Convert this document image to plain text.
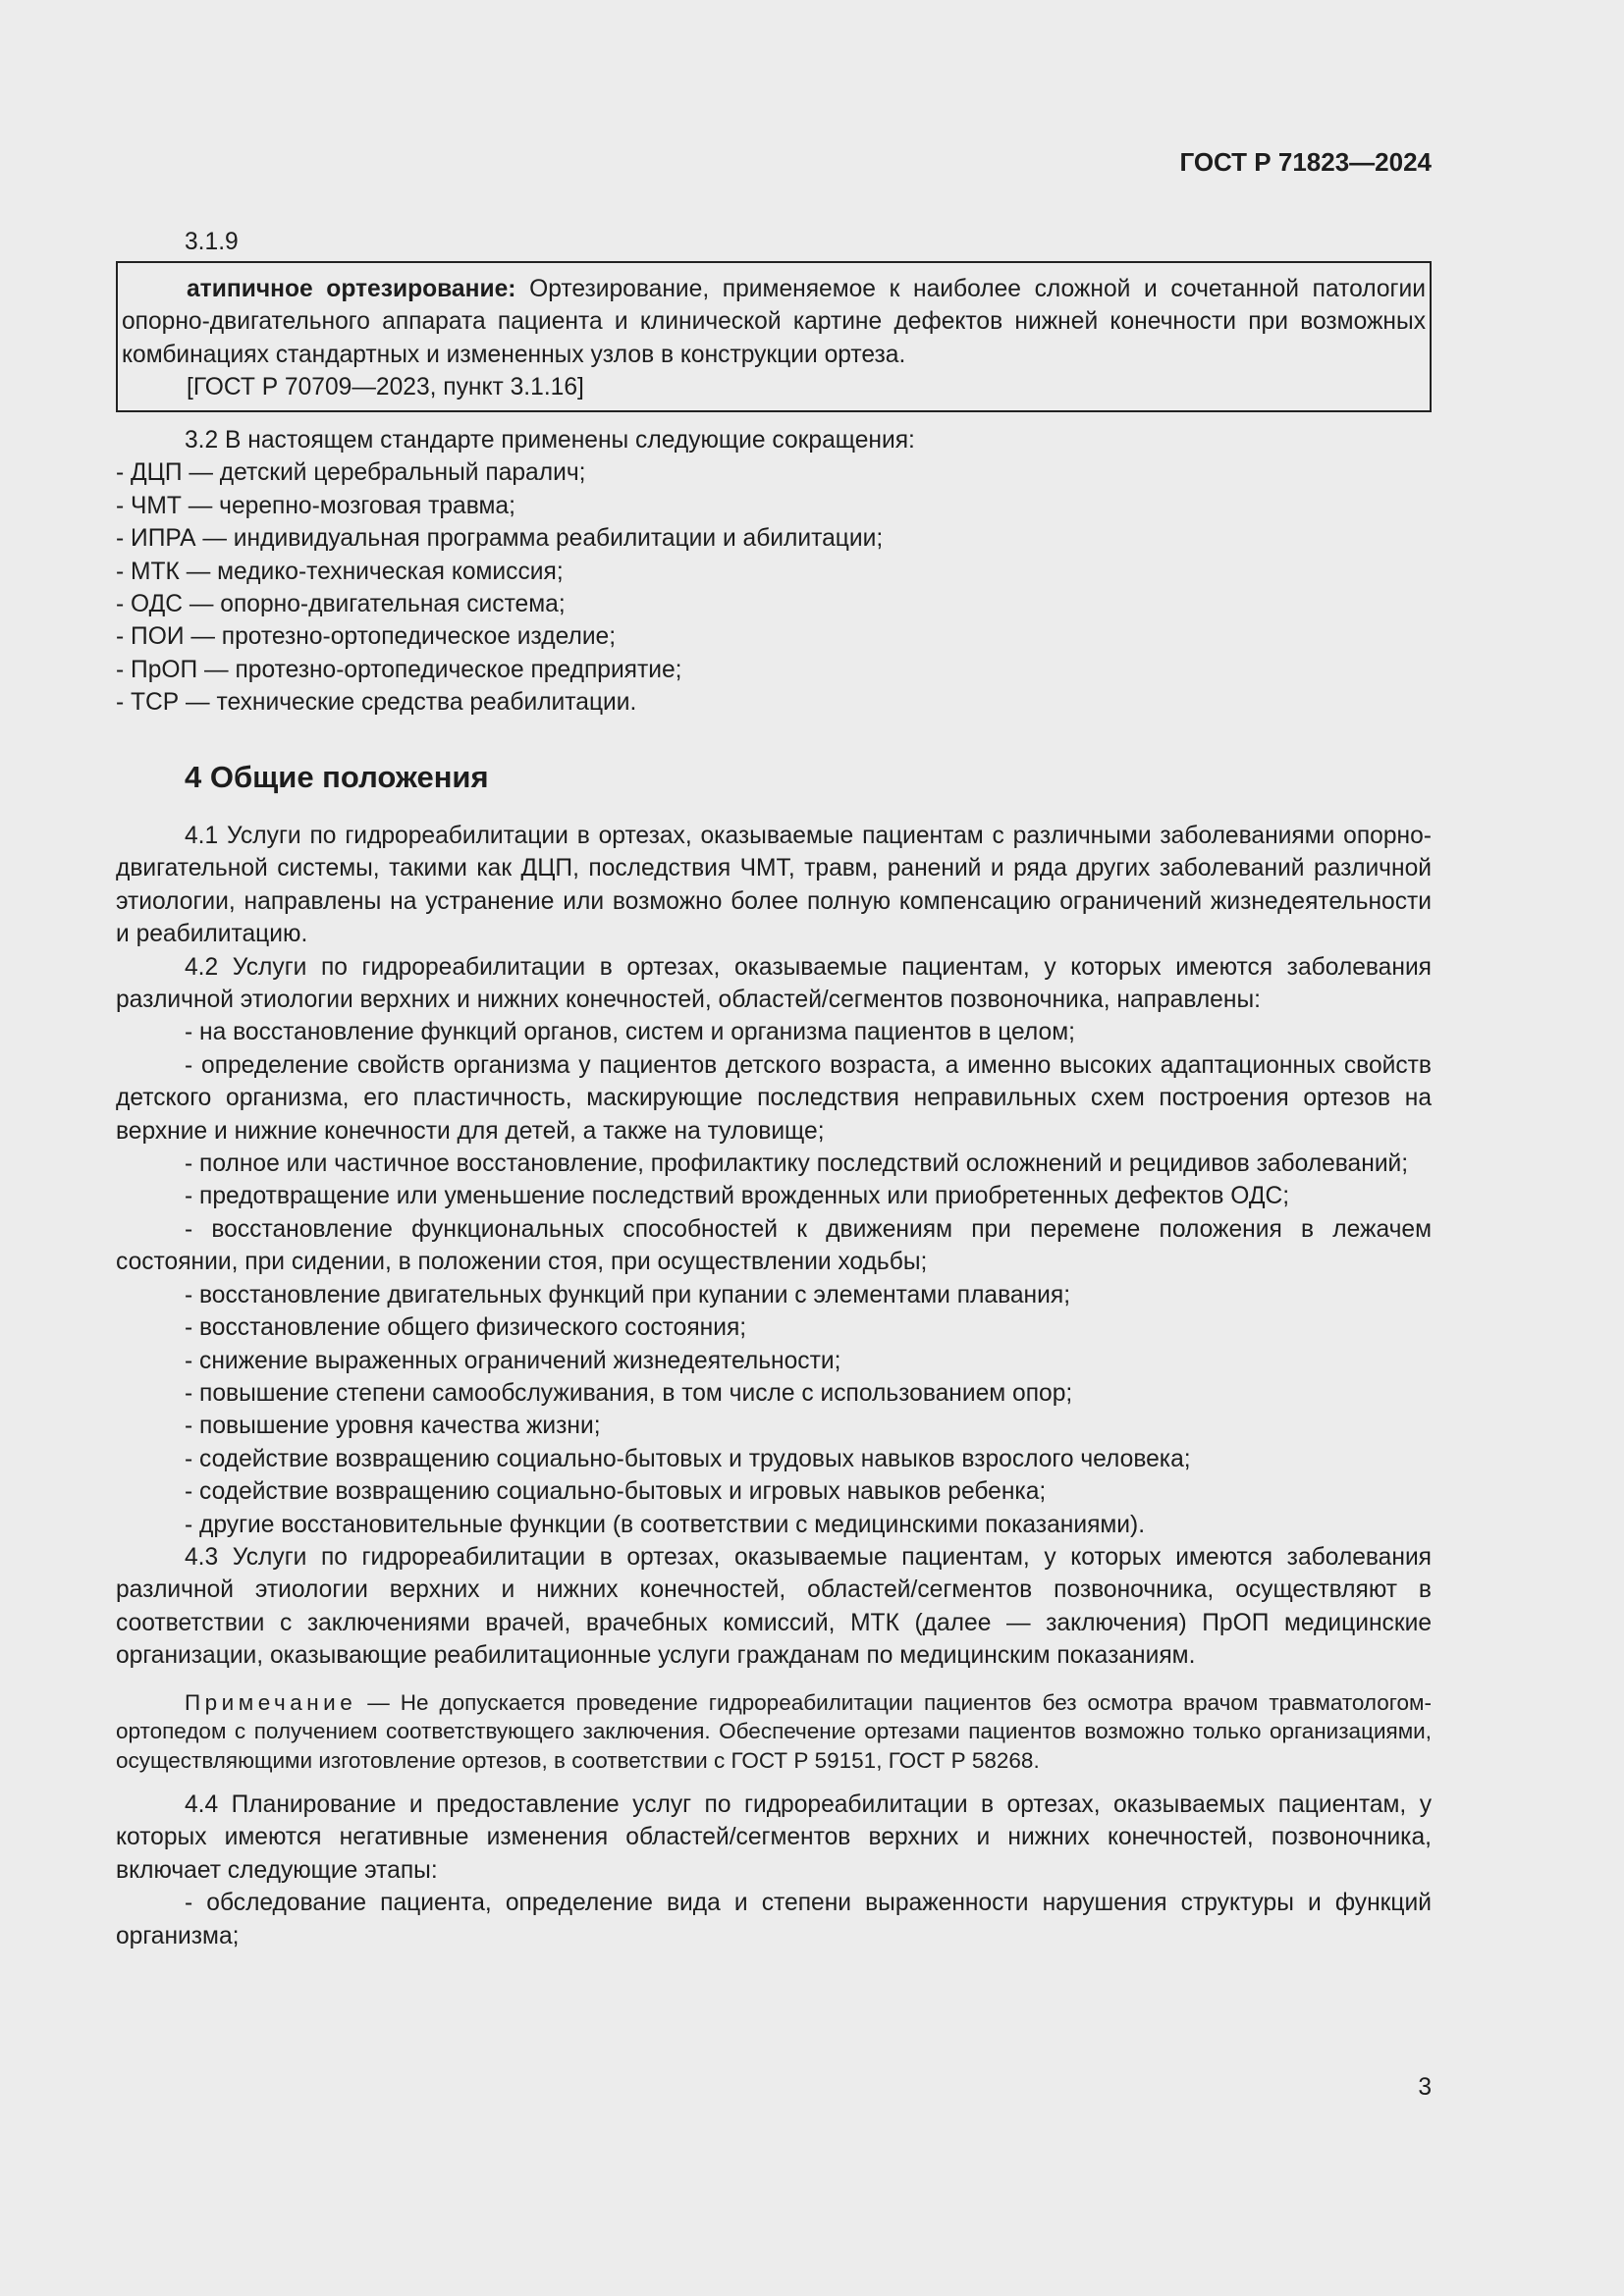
ГОСТ Р 71823—2024
3.1.9

атипичное ортезирование: Ортезирование, применяемое к наиболее сложной и сочетанной патологии опорно-двигательного аппарата пациента и клинической картине дефектов нижней конечности при возможных комбинациях стандартных и измененных узлов в конструкции ортеза.

[ГОСТ Р 70709—2023, пункт 3.1.16]

3.2 В настоящем стандарте применены следующие сокращения:

- ДЦП — детский церебральный паралич;

- ЧМТ — черепно-мозговая травма;

- ИПРА — индивидуальная программа реабилитации и абилитации;

- МТК — медико-техническая комиссия;

- ОДС — опорно-двигательная система;

- ПОИ — протезно-ортопедическое изделие;

- ПрОП — протезно-ортопедическое предприятие;

- ТСР — технические средства реабилитации.

4 Общие положения

4.1 Услуги по гидрореабилитации в ортезах, оказываемые пациентам с различными заболеваниями опорно-двигательной системы, такими как ДЦП, последствия ЧМТ, травм, ранений и ряда других заболеваний различной этиологии, направлены на устранение или возможно более полную компенсацию ограничений жизнедеятельности и реабилитацию.

4.2 Услуги по гидрореабилитации в ортезах, оказываемые пациентам, у которых имеются заболевания различной этиологии верхних и нижних конечностей, областей/сегментов позвоночника, направлены:

- на восстановление функций органов, систем и организма пациентов в целом;

- определение свойств организма у пациентов детского возраста, а именно высоких адаптационных свойств детского организма, его пластичность, маскирующие последствия неправильных схем построения ортезов на верхние и нижние конечности для детей, а также на туловище;

- полное или частичное восстановление, профилактику последствий осложнений и рецидивов заболеваний;

- предотвращение или уменьшение последствий врожденных или приобретенных дефектов ОДС;

- восстановление функциональных способностей к движениям при перемене положения в лежачем состоянии, при сидении, в положении стоя, при осуществлении ходьбы;

- восстановление двигательных функций при купании с элементами плавания;

- восстановление общего физического состояния;

- снижение выраженных ограничений жизнедеятельности;

- повышение степени самообслуживания, в том числе с использованием опор;

- повышение уровня качества жизни;

- содействие возвращению социально-бытовых и трудовых навыков взрослого человека;

- содействие возвращению социально-бытовых и игровых навыков ребенка;

- другие восстановительные функции (в соответствии с медицинскими показаниями).

4.3 Услуги по гидрореабилитации в ортезах, оказываемые пациентам, у которых имеются заболевания различной этиологии верхних и нижних конечностей, областей/сегментов позвоночника, осуществляют в соответствии с заключениями врачей, врачебных комиссий, МТК (далее — заключения) ПрОП медицинские организации, оказывающие реабилитационные услуги гражданам по медицинским показаниям.

Примечание — Не допускается проведение гидрореабилитации пациентов без осмотра врачом травматологом-ортопедом с получением соответствующего заключения. Обеспечение ортезами пациентов возможно только организациями, осуществляющими изготовление ортезов, в соответствии с ГОСТ Р 59151, ГОСТ Р 58268.

4.4 Планирование и предоставление услуг по гидрореабилитации в ортезах, оказываемых пациентам, у которых имеются негативные изменения областей/сегментов верхних и нижних конечностей, позвоночника, включает следующие этапы:

- обследование пациента, определение вида и степени выраженности нарушения структуры и функций организма;

3
